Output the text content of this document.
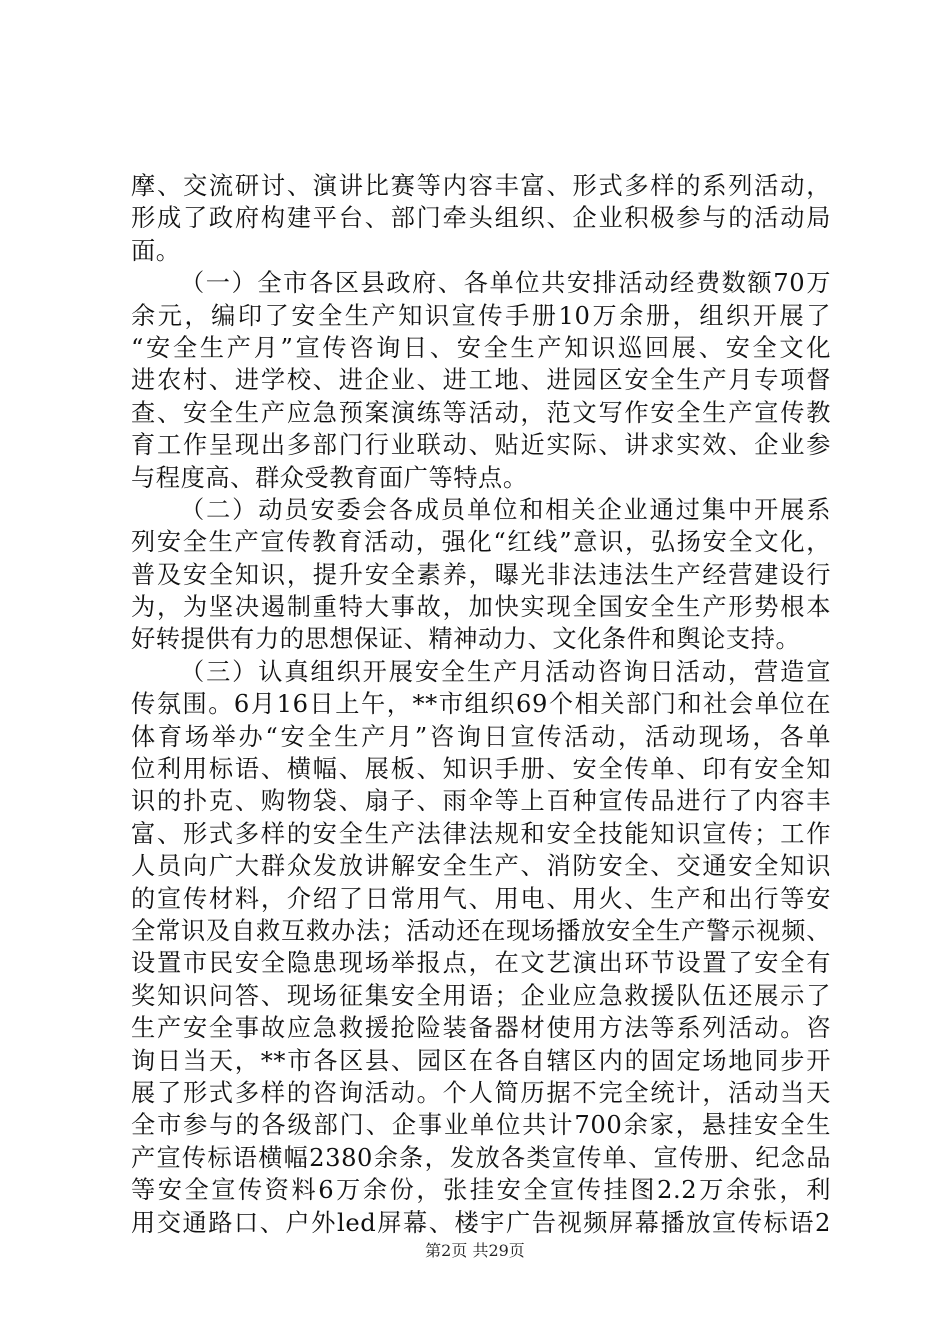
摩、交流研讨、演讲比赛等内容丰富、形式多样的系列活动，
形成了政府构建平台、部门牵头组织、企业积极参与的活动局
面。
（一）全市各区县政府、各单位共安排活动经费数额70万
余元，编印了安全生产知识宣传手册10万余册，组织开展了
“安全生产月”宣传咨询日、安全生产知识巡回展、安全文化
进农村、进学校、进企业、进工地、进园区安全生产月专项督
查、安全生产应急预案演练等活动，范文写作安全生产宣传教
育工作呈现出多部门行业联动、贴近实际、讲求实效、企业参
与程度高、群众受教育面广等特点。
（二）动员安委会各成员单位和相关企业通过集中开展系
列安全生产宣传教育活动，强化“红线”意识，弘扬安全文化，
普及安全知识，提升安全素养，曝光非法违法生产经营建设行
为，为坚决遏制重特大事故，加快实现全国安全生产形势根本
好转提供有力的思想保证、精神动力、文化条件和舆论支持。
（三）认真组织开展安全生产月活动咨询日活动，营造宣
传氛围。6月16日上午，**市组织69个相关部门和社会单位在
体育场举办“安全生产月”咨询日宣传活动，活动现场，各单
位利用标语、横幅、展板、知识手册、安全传单、印有安全知
识的扑克、购物袋、扇子、雨伞等上百种宣传品进行了内容丰
富、形式多样的安全生产法律法规和安全技能知识宣传；工作
人员向广大群众发放讲解安全生产、消防安全、交通安全知识
的宣传材料，介绍了日常用气、用电、用火、生产和出行等安
全常识及自救互救办法；活动还在现场播放安全生产警示视频、
设置市民安全隐患现场举报点，在文艺演出环节设置了安全有
奖知识问答、现场征集安全用语；企业应急救援队伍还展示了
生产安全事故应急救援抢险装备器材使用方法等系列活动。咨
询日当天，**市各区县、园区在各自辖区内的固定场地同步开
展了形式多样的咨询活动。个人简历据不完全统计，活动当天
全市参与的各级部门、企事业单位共计700余家，悬挂安全生
产宣传标语横幅2380余条，发放各类宣传单、宣传册、纪念品
等安全宣传资料6万余份，张挂安全宣传挂图2.2万余张，利
用交通路口、户外led屏幕、楼宇广告视频屏幕播放宣传标语2
第2页 共29页
